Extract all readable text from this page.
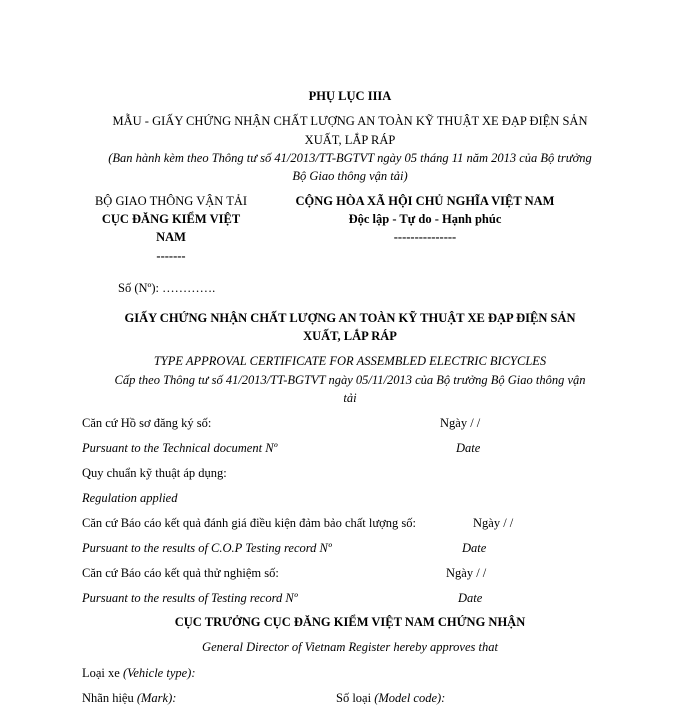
PHỤ LỤC IIIA
MẪU - GIẤY CHỨNG NHẬN CHẤT LƯỢNG AN TOÀN KỸ THUẬT XE ĐẠP ĐIỆN SẢN
XUẤT, LẮP RÁP
(Ban hành kèm theo Thông tư số 41/2013/TT-BGTVT ngày 05 tháng 11 năm 2013 của Bộ trưởng
Bộ Giao thông vận tải)
BỘ GIAO THÔNG VẬN TẢI
CỤC ĐĂNG KIỂM VIỆT
NAM
-------
CỘNG HÒA XÃ HỘI CHỦ NGHĨA VIỆT NAM
Độc lập - Tự do - Hạnh phúc
---------------
Số (Nº): ………….
GIẤY CHỨNG NHẬN CHẤT LƯỢNG AN TOÀN KỸ THUẬT XE ĐẠP ĐIỆN SẢN
XUẤT, LẮP RÁP
TYPE APPROVAL CERTIFICATE FOR ASSEMBLED ELECTRIC BICYCLES
Cấp theo Thông tư số 41/2013/TT-BGTVT ngày 05/11/2013 của Bộ trưởng Bộ Giao thông vận
tải
Căn cứ Hồ sơ đăng ký số:	Ngày / /
Pursuant to the Technical document Nº	Date
Quy chuẩn kỹ thuật áp dụng:
Regulation applied
Căn cứ Báo cáo kết quả đánh giá điều kiện đảm bảo chất lượng số:	Ngày / /
Pursuant to the results of C.O.P Testing record Nº	Date
Căn cứ Báo cáo kết quả thử nghiệm số:	Ngày / /
Pursuant to the results of Testing record Nº	Date
CỤC TRƯỞNG CỤC ĐĂNG KIỂM VIỆT NAM CHỨNG NHẬN
General Director of Vietnam Register hereby approves that
Loại xe (Vehicle type):
Nhãn hiệu (Mark):	Số loại (Model code):
